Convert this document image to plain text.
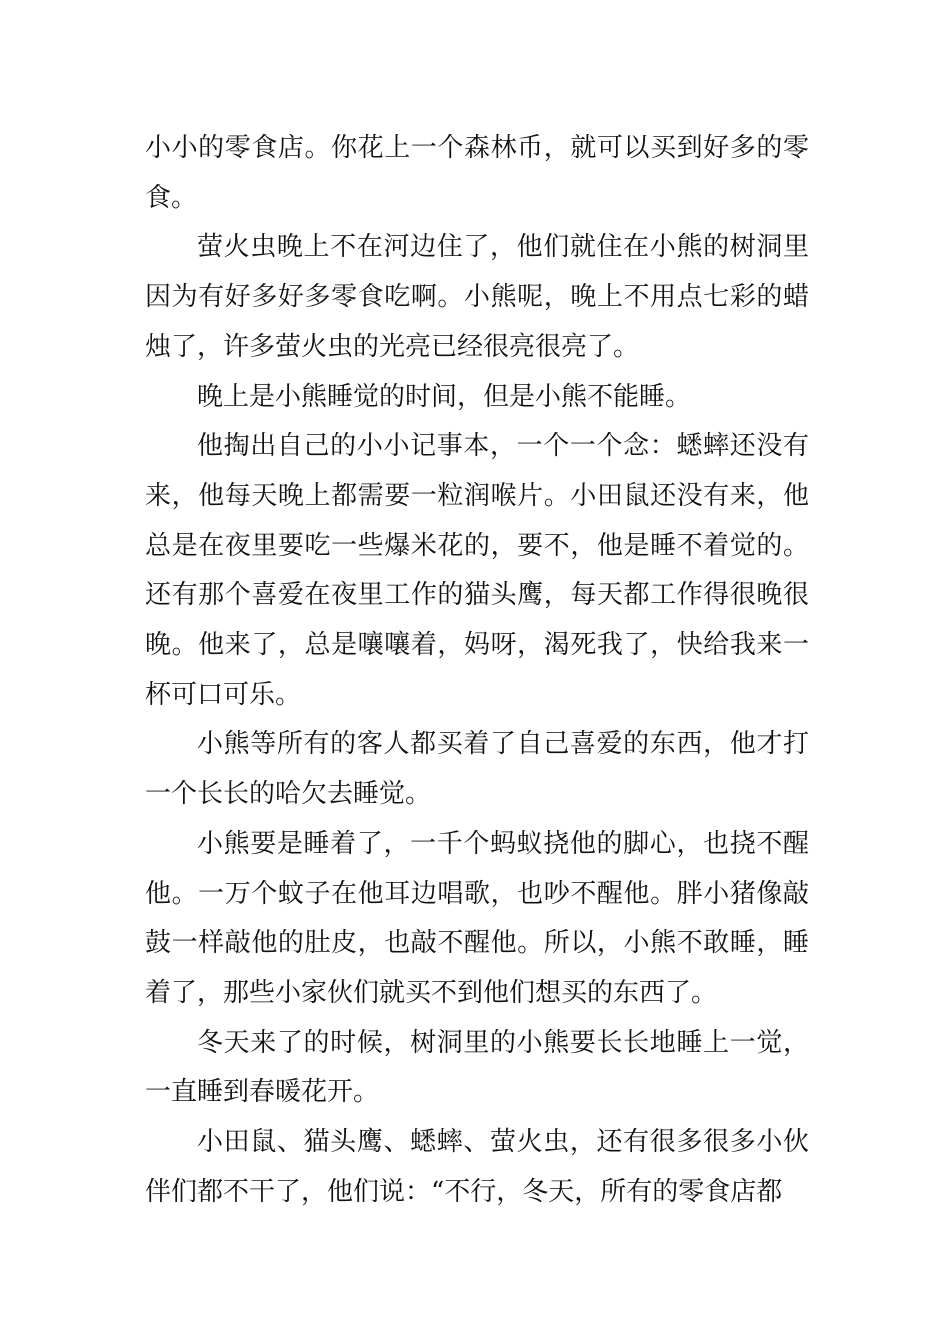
小小的零食店。你花上一个森林币，就可以买到好多的零食。

萤火虫晚上不在河边住了，他们就住在小熊的树洞里因为有好多好多零食吃啊。小熊呢，晚上不用点七彩的蜡烛了，许多萤火虫的光亮已经很亮很亮了。

晚上是小熊睡觉的时间，但是小熊不能睡。

他掏出自己的小小记事本，一个一个念：蟋蟀还没有来，他每天晚上都需要一粒润喉片。小田鼠还没有来，他总是在夜里要吃一些爆米花的，要不，他是睡不着觉的。还有那个喜爱在夜里工作的猫头鹰，每天都工作得很晚很晚。他来了，总是嚷嚷着，妈呀，渴死我了，快给我来一杯可口可乐。

小熊等所有的客人都买着了自己喜爱的东西，他才打一个长长的哈欠去睡觉。

小熊要是睡着了，一千个蚂蚁挠他的脚心，也挠不醒他。一万个蚊子在他耳边唱歌，也吵不醒他。胖小猪像敲鼓一样敲他的肚皮，也敲不醒他。所以，小熊不敢睡，睡着了，那些小家伙们就买不到他们想买的东西了。

冬天来了的时候，树洞里的小熊要长长地睡上一觉，一直睡到春暖花开。

小田鼠、猫头鹰、蟋蟀、萤火虫，还有很多很多小伙伴们都不干了，他们说：“不行，冬天，所有的零食店都
